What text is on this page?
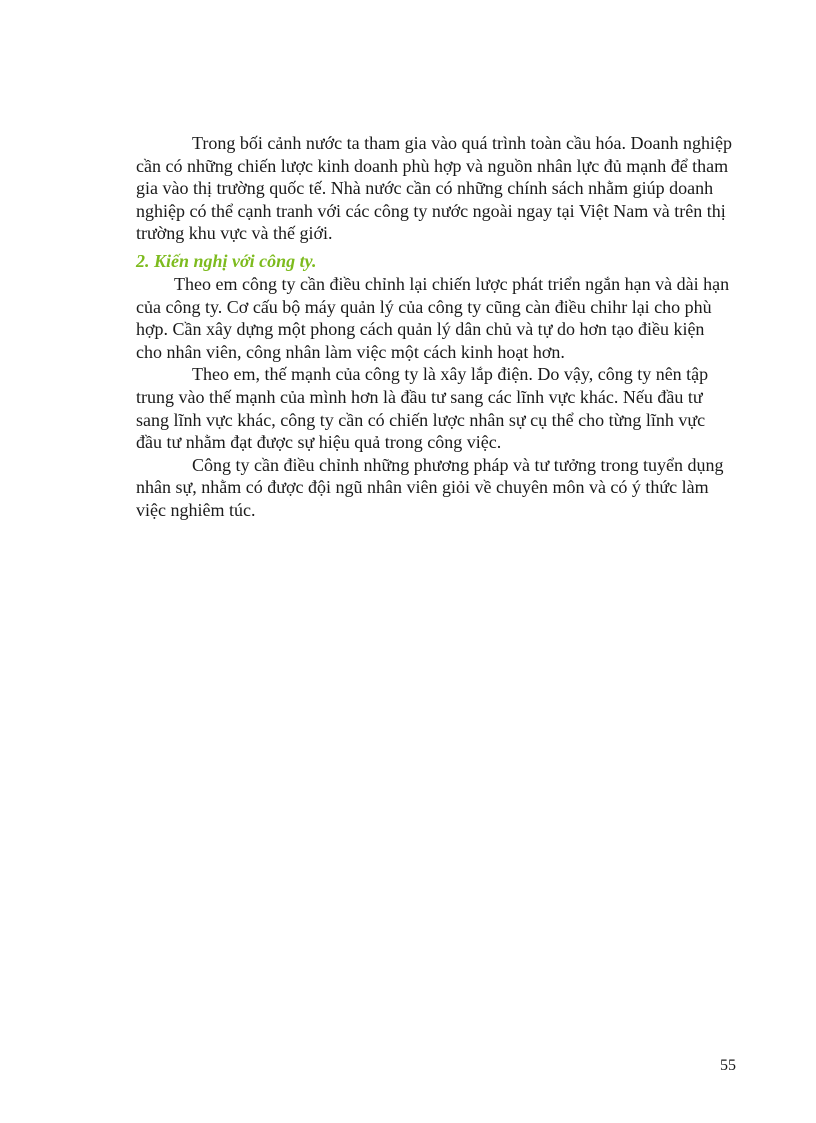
Trong bối cảnh nước ta tham gia vào quá trình toàn cầu hóa. Doanh nghiệp cần có những chiến lược kinh doanh phù hợp và nguồn nhân lực đủ mạnh để tham gia vào thị trường quốc tế. Nhà nước cần có những chính sách nhằm giúp doanh nghiệp có thể cạnh tranh với các công ty nước ngoài ngay tại Việt Nam và trên thị trường khu vực và thế giới.

2. Kiến nghị với công ty.

Theo em công ty cần điều chỉnh lại chiến lược phát triển ngắn hạn và dài hạn của công ty. Cơ cấu bộ máy quản lý của công ty cũng càn điều chihr lại cho phù hợp. Cần xây dựng một phong cách quản lý dân chủ và tự do hơn tạo điều kiện cho nhân viên, công nhân làm việc một cách kinh hoạt hơn.

Theo em, thế mạnh của công ty là xây lắp điện. Do vậy, công ty nên tập trung vào thế mạnh của mình hơn là đầu tư sang các lĩnh vực khác. Nếu đầu tư sang lĩnh vực khác, công ty cần có chiến lược nhân sự cụ thể cho từng lĩnh vực đầu tư nhằm đạt được sự hiệu quả trong công việc.

Công ty cần điều chỉnh những phương pháp và tư tưởng trong tuyển dụng nhân sự, nhằm có được đội ngũ nhân viên giỏi về chuyên môn và có ý thức làm việc nghiêm túc.

55
